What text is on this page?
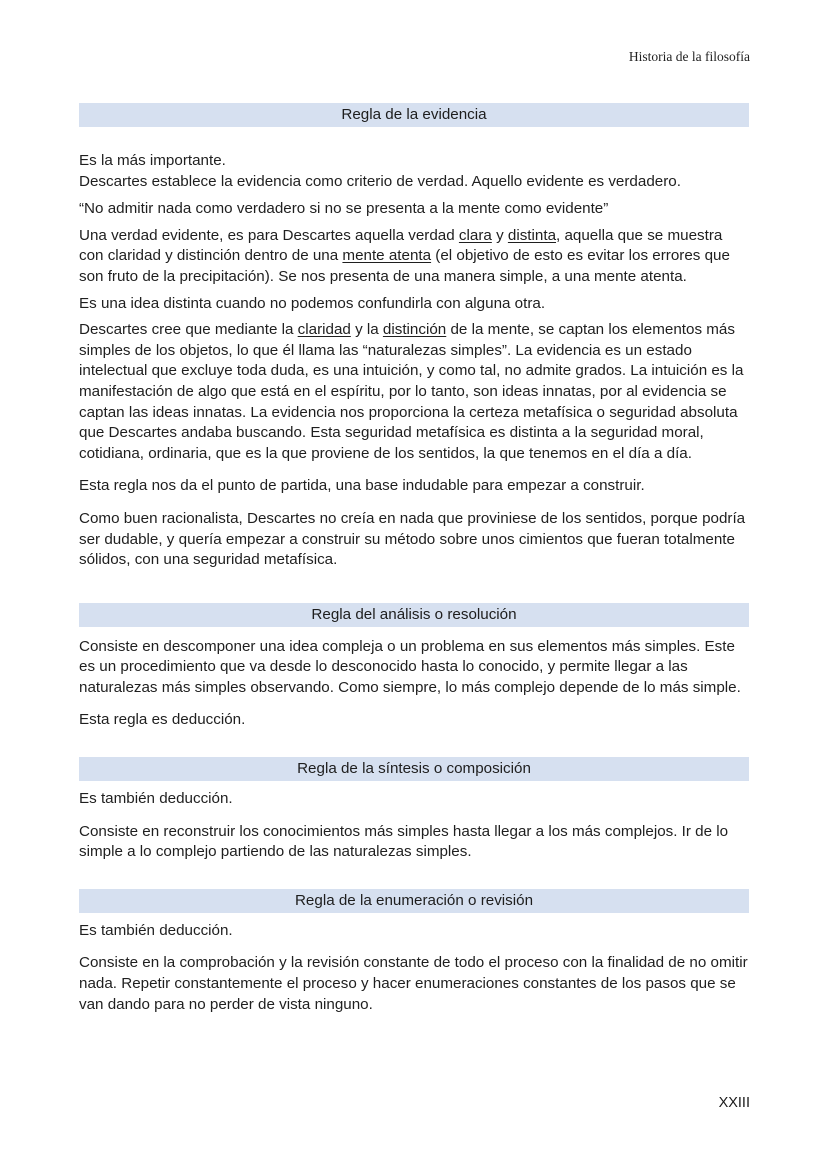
Historia de la filosofía
Regla de la evidencia

Es la más importante.

Descartes establece la evidencia como criterio de verdad. Aquello evidente es verdadero.

“No admitir nada como verdadero si no se presenta a la mente como evidente”

Una verdad evidente, es para Descartes aquella verdad clara y distinta, aquella que se muestra con claridad y distinción dentro de una mente atenta (el objetivo de esto es evitar los errores que son fruto de la precipitación). Se nos presenta de una manera simple, a una mente atenta.

Es una idea distinta cuando no podemos confundirla con alguna otra.

Descartes cree que mediante la claridad y la distinción de la mente, se captan los elementos más simples de los objetos, lo que él llama las “naturalezas simples”. La evidencia es un estado intelectual que excluye toda duda, es una intuición, y como tal, no admite grados. La intuición es la manifestación de algo que está en el espíritu, por lo tanto, son ideas innatas, por al evidencia se captan las ideas innatas. La evidencia nos proporciona la certeza metafísica o seguridad absoluta que Descartes andaba buscando. Esta seguridad metafísica es distinta a la seguridad moral, cotidiana, ordinaria, que es la que proviene de los sentidos, la que tenemos en el día a día.

Esta regla nos da el punto de partida, una base indudable para empezar a construir.

Como buen racionalista, Descartes no creía en nada que proviniese de los sentidos, porque podría ser dudable, y quería empezar a construir su método sobre unos cimientos que fueran totalmente sólidos, con una seguridad metafísica.

Regla del análisis o resolución

Consiste en descomponer una idea compleja o un problema en sus elementos más simples. Este es un procedimiento que va desde lo desconocido hasta lo conocido, y permite llegar a las naturalezas más simples observando. Como siempre, lo más complejo depende de lo más simple.

Esta regla es deducción.

Regla de la síntesis o composición

Es también deducción.

Consiste en reconstruir los conocimientos más simples hasta llegar a los más complejos. Ir de lo simple a lo complejo partiendo de las naturalezas simples.

Regla de la enumeración o revisión

Es también deducción.

Consiste en la comprobación y la revisión constante de todo el proceso con la finalidad de no omitir nada. Repetir constantemente el proceso y hacer enumeraciones constantes de los pasos que se van dando para no perder de vista ninguno.

XXIII
